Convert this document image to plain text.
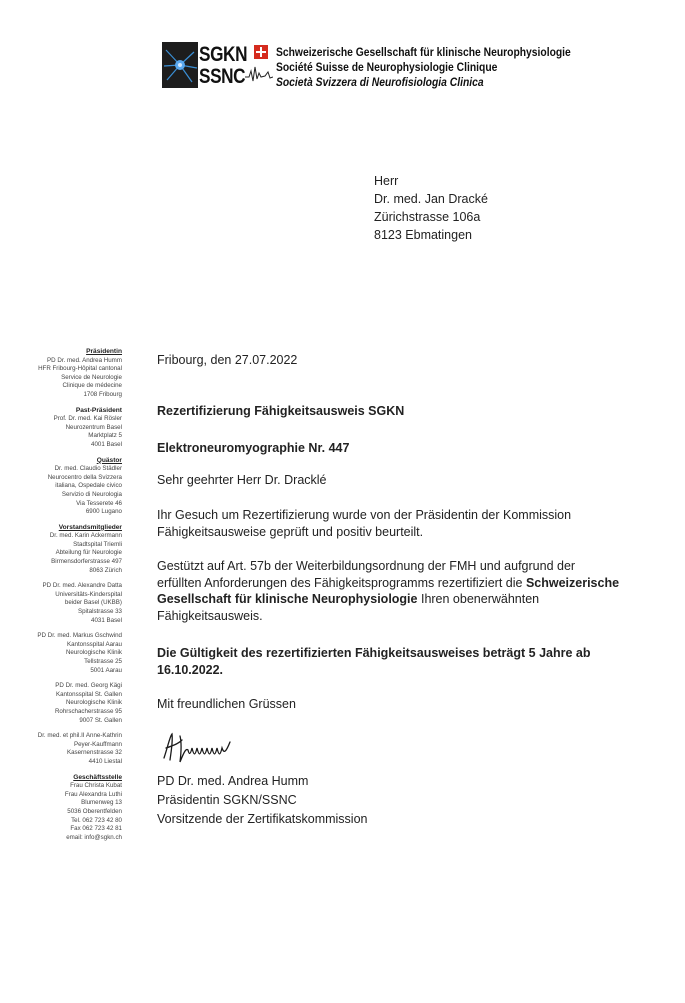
SGKN
SSNC
Schweizerische Gesellschaft für klinische Neurophysiologie
Société Suisse de Neurophysiologie Clinique
Società Svizzera di Neurofisiologia Clinica
Herr
Dr. med. Jan Dracké
Zürichstrasse 106a
8123 Ebmatingen
Präsidentin
PD Dr. med. Andrea Humm
HFR Fribourg-Hôpital cantonal
Service de Neurologie
Clinique de médecine
1708 Fribourg
Past-Präsident
Prof. Dr. med. Kai Rösler
Neurozentrum Basel
Marktplatz 5
4001 Basel
Quästor
Dr. med. Claudio Städler
Neurocentro della Svizzera
italiana, Ospedale civico
Servizio di Neurologia
Via Tesserete 46
6900 Lugano
Vorstandsmitglieder
Dr. med. Karin Ackermann
Stadtspital Triemli
Abteilung für Neurologie
Birmensdorferstrasse 497
8063 Zürich
PD Dr. med. Alexandre Datta
Universitäts-Kinderspital
beider Basel (UKBB)
Spitalstrasse 33
4031 Basel
PD Dr. med. Markus Gschwind
Kantonsspital Aarau
Neurologische Klinik
Tellstrasse 25
5001 Aarau
PD Dr. med. Georg Kägi
Kantonsspital St. Gallen
Neurologische Klinik
Rohrschacherstrasse 95
9007 St. Gallen
Dr. med. et phil.II Anne-Kathrin
Peyer-Kauffmann
Kasernenstrasse 32
4410 Liestal
Geschäftsstelle
Frau Christa Kubat
Frau Alexandra Luthi
Blumenweg 13
5036 Oberentfelden
Tel. 062 723 42 80
Fax 062 723 42 81
email: info@sgkn.ch
Fribourg, den 27.07.2022
Rezertifizierung Fähigkeitsausweis SGKN
Elektroneuromyographie Nr. 447
Sehr geehrter Herr Dr. Dracklé
Ihr Gesuch um Rezertifizierung wurde von der Präsidentin der Kommission Fähigkeitsausweise geprüft und positiv beurteilt.
Gestützt auf Art. 57b der Weiterbildungsordnung der FMH und aufgrund der erfüllten Anforderungen des Fähigkeitsprogramms rezertifiziert die Schweizerische Gesellschaft für klinische Neurophysiologie Ihren obenerwähnten Fähigkeitsausweis.
Die Gültigkeit des rezertifizierten Fähigkeitsausweises beträgt 5 Jahre ab 16.10.2022.
Mit freundlichen Grüssen
PD Dr. med. Andrea Humm
Präsidentin SGKN/SSNC
Vorsitzende der Zertifikatskommission
